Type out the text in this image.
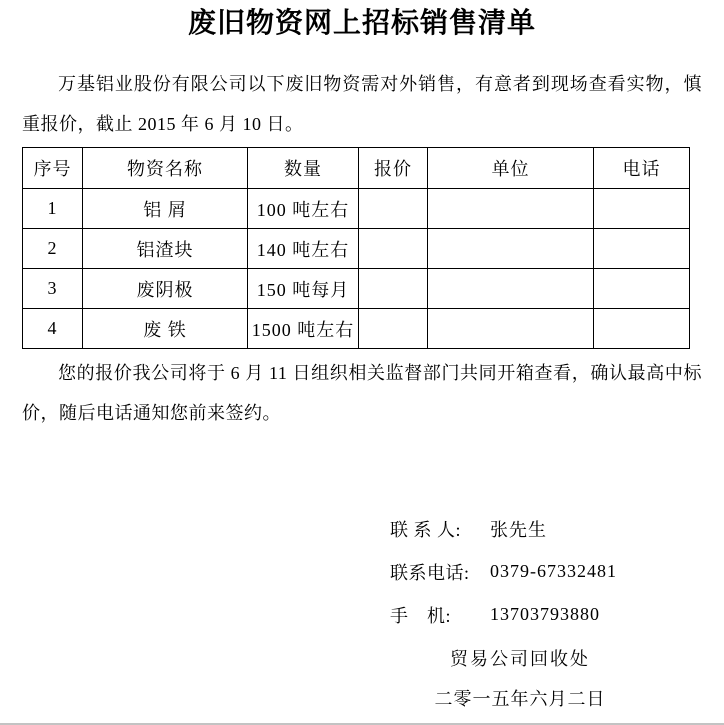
废旧物资网上招标销售清单

万基铝业股份有限公司以下废旧物资需对外销售，有意者到现场查看实物，慎重报价，截止 2015 年 6 月 10 日。

序号	物资名称	数量	报价	单位	电话
1	铝 屑	100 吨左右			
2	铝渣块	140 吨左右			
3	废阴极	150 吨每月			
4	废 铁	1500 吨左右			

您的报价我公司将于 6 月 11 日组织相关监督部门共同开箱查看，确认最高中标价，随后电话通知您前来签约。

联 系 人:	张先生
联系电话:	0379-67332481
手　机:	13703793880
贸易公司回收处
二零一五年六月二日
